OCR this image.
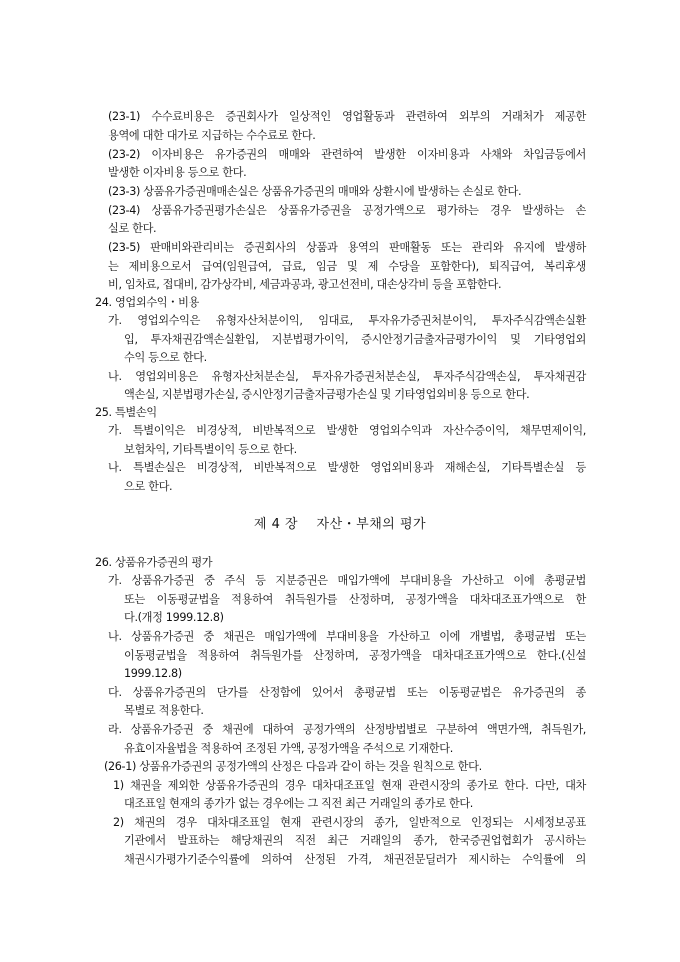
(23-1) 수수료비용은 증권회사가 일상적인 영업활동과 관련하여 외부의 거래처가 제공한
용역에 대한 대가로 지급하는 수수료로 한다.
(23-2) 이자비용은 유가증권의 매매와 관련하여 발생한 이자비용과 사채와 차입금등에서
발생한 이자비용 등으로 한다.
(23-3) 상품유가증권매매손실은 상품유가증권의 매매와 상환시에 발생하는 손실로 한다.
(23-4) 상품유가증권평가손실은 상품유가증권을 공정가액으로 평가하는 경우 발생하는 손
실로 한다.
(23-5) 판매비와관리비는 증권회사의 상품과 용역의 판매활동 또는 관리와 유지에 발생하
는 제비용으로서 급여(임원급여, 급료, 임금 및 제 수당을 포함한다), 퇴직급여, 복리후생
비, 임차료, 접대비, 감가상각비, 세금과공과, 광고선전비, 대손상각비 등을 포함한다.
24. 영업외수익・비용
가. 영업외수익은 유형자산처분이익, 임대료, 투자유가증권처분이익, 투자주식감액손실환
입, 투자채권감액손실환입, 지분법평가이익, 증시안정기금출자금평가이익 및 기타영업외
수익 등으로 한다.
나. 영업외비용은 유형자산처분손실, 투자유가증권처분손실, 투자주식감액손실, 투자채권감
액손실, 지분법평가손실, 증시안정기금출자금평가손실 및 기타영업외비용 등으로 한다.
25. 특별손익
가. 특별이익은 비경상적, 비반복적으로 발생한 영업외수익과 자산수증이익, 채무면제이익,
보험차익, 기타특별이익 등으로 한다.
나. 특별손실은 비경상적, 비반복적으로 발생한 영업외비용과 재해손실, 기타특별손실 등
으로 한다.
제 4 장    자산・부채의 평가
26. 상품유가증권의 평가
가. 상품유가증권 중 주식 등 지분증권은 매입가액에 부대비용을 가산하고 이에 총평균법
또는 이동평균법을 적용하여 취득원가를 산정하며, 공정가액을 대차대조표가액으로 한
다.(개정 1999.12.8)
나. 상품유가증권 중 채권은 매입가액에 부대비용을 가산하고 이에 개별법, 총평균법 또는
이동평균법을 적용하여 취득원가를 산정하며, 공정가액을 대차대조표가액으로 한다.(신설
1999.12.8)
다. 상품유가증권의 단가를 산정함에 있어서 총평균법 또는 이동평균법은 유가증권의 종
목별로 적용한다.
라. 상품유가증권 중 채권에 대하여 공정가액의 산정방법별로 구분하여 액면가액, 취득원가,
유효이자율법을 적용하여 조정된 가액, 공정가액을 주석으로 기재한다.
(26-1) 상품유가증권의 공정가액의 산정은 다음과 같이 하는 것을 원칙으로 한다.
1) 채권을 제외한 상품유가증권의 경우 대차대조표일 현재 관련시장의 종가로 한다. 다만, 대차
대조표일 현재의 종가가 없는 경우에는 그 직전 최근 거래일의 종가로 한다.
2) 채권의 경우 대차대조표일 현재 관련시장의 종가, 일반적으로 인정되는 시세정보공표
기관에서 발표하는 해당채권의 직전 최근 거래일의 종가, 한국증권업협회가 공시하는
채권시가평가기준수익률에 의하여 산정된 가격, 채권전문딜러가 제시하는 수익률에 의
